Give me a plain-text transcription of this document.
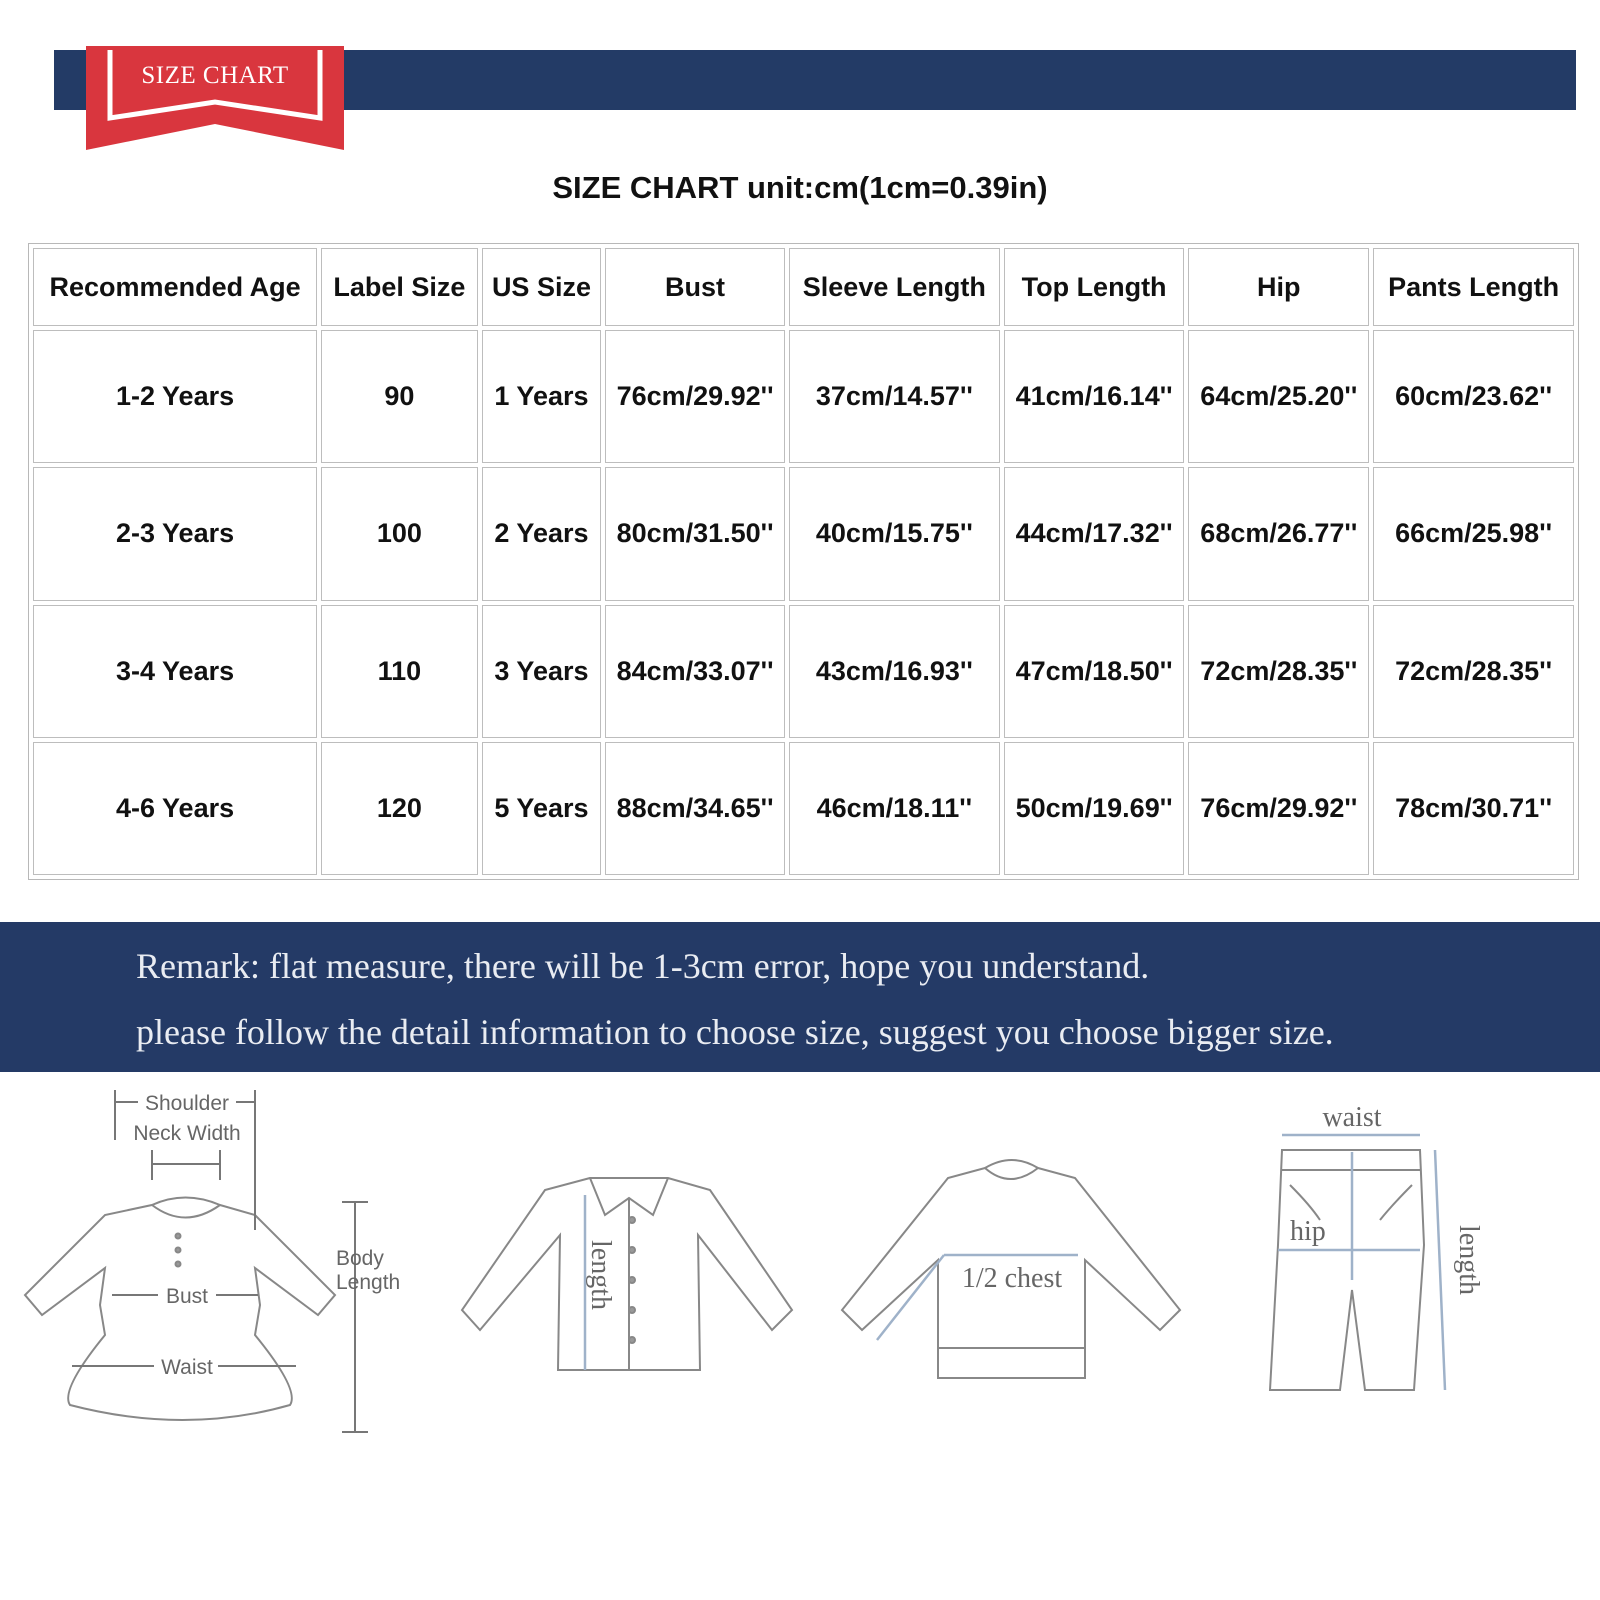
SIZE CHART
SIZE CHART unit:cm(1cm=0.39in)
Recommended Age	Label Size	US Size	Bust	Sleeve Length	Top Length	Hip	Pants Length
1-2 Years	90	1 Years	76cm/29.92''	37cm/14.57''	41cm/16.14''	64cm/25.20''	60cm/23.62''
2-3 Years	100	2 Years	80cm/31.50''	40cm/15.75''	44cm/17.32''	68cm/26.77''	66cm/25.98''
3-4 Years	110	3 Years	84cm/33.07''	43cm/16.93''	47cm/18.50''	72cm/28.35''	72cm/28.35''
4-6 Years	120	5 Years	88cm/34.65''	46cm/18.11''	50cm/19.69''	76cm/29.92''	78cm/30.71''
Remark: flat measure, there will be 1-3cm error, hope you understand.
please follow the detail information to choose size, suggest you choose bigger size.
Shoulder
Neck Width
Bust
Waist
Body
Length	length	1/2 chest
waist
hip	length
